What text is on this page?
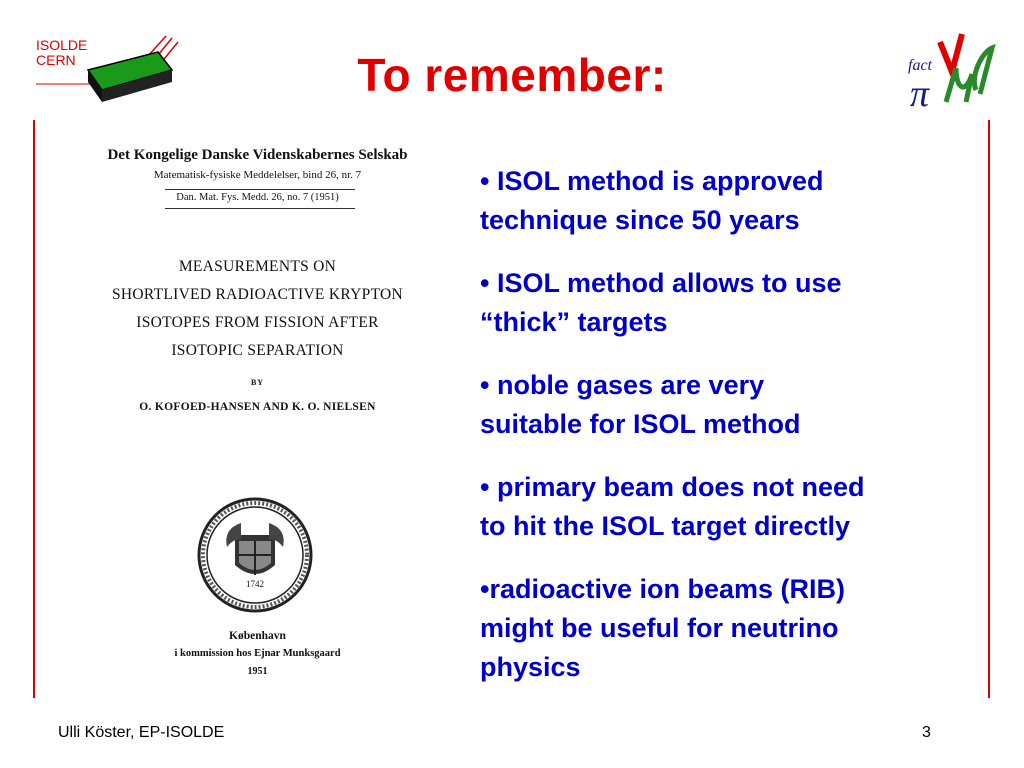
ISOLDE
CERN	To remember:	fact
π
Det Kongelige Danske Videnskabernes Selskab
Matematisk-fysiske Meddelelser, bind 26, nr. 7
Dan. Mat. Fys. Medd. 26, no. 7 (1951)
MEASUREMENTS ON
SHORTLIVED RADIOACTIVE KRYPTON
ISOTOPES FROM FISSION AFTER
ISOTOPIC SEPARATION
BY
O. KOFOED-HANSEN AND K. O. NIELSEN
1742
København
i kommission hos Ejnar Munksgaard
1951

• ISOL method is approved
technique since 50 years

• ISOL method allows to use
“thick” targets

• noble gases are very
suitable for ISOL method

• primary beam does not need
to hit the ISOL target directly

•radioactive ion beams (RIB)
might be useful for neutrino
physics

Ulli Köster, EP-ISOLDE	3
